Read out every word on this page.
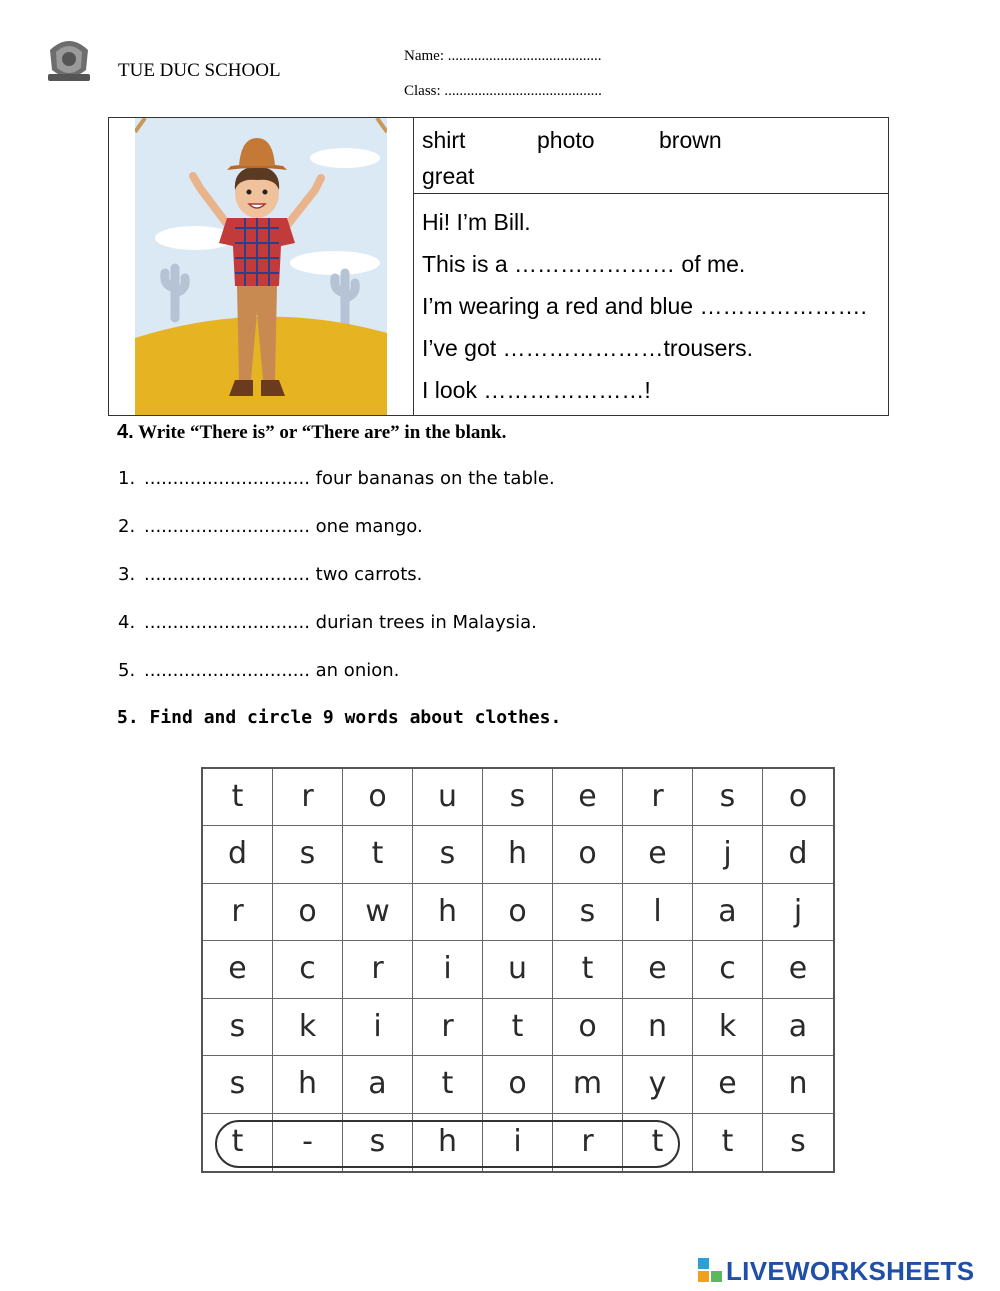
TUE DUC SCHOOL
Name: .........................................
Class: ..........................................
shirt	photo	brown
great
Hi! I’m Bill.
This is a ………………… of me.
I’m wearing a red and blue ………………….
I’ve got …………………trousers.
I look …………………!
4. Write “There is” or “There are” in the blank.
1. ............................. four bananas on the table.
2. ............................. one mango.
3. ............................. two carrots.
4. ............................. durian trees in Malaysia.
5. ............................. an onion.
5. Find and circle 9 words about clothes.
t	r	o	u	s	e	r	s	o
d	s	t	s	h	o	e	j	d
r	o	w	h	o	s	l	a	j
e	c	r	i	u	t	e	c	e
s	k	i	r	t	o	n	k	a
s	h	a	t	o	m	y	e	n
t	-	s	h	i	r	t	t	s
LIVEWORKSHEETS
